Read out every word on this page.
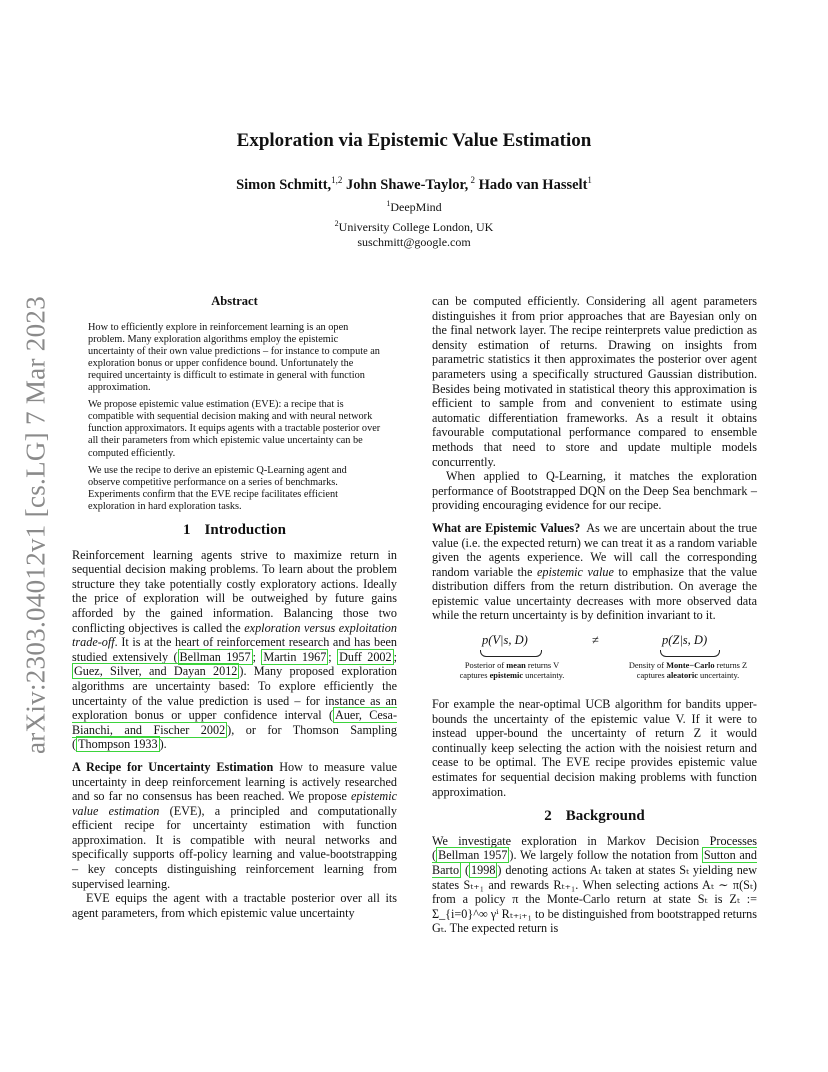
arXiv:2303.04012v1 [cs.LG] 7 Mar 2023
Exploration via Epistemic Value Estimation
Simon Schmitt,$^{1,2}$ John Shawe-Taylor, $^2$ Hado van Hasselt$^1$
$^1$DeepMind
$^2$University College London, UK
suschmitt@google.com
Abstract

How to efficiently explore in reinforcement learning is an open problem. Many exploration algorithms employ the epistemic uncertainty of their own value predictions – for instance to compute an exploration bonus or upper confidence bound. Unfortunately the required uncertainty is difficult to estimate in general with function approximation.

We propose epistemic value estimation (EVE): a recipe that is compatible with sequential decision making and with neural network function approximators. It equips agents with a tractable posterior over all their parameters from which epistemic value uncertainty can be computed efficiently.

We use the recipe to derive an epistemic Q-Learning agent and observe competitive performance on a series of benchmarks. Experiments confirm that the EVE recipe facilitates efficient exploration in hard exploration tasks.

1 Introduction

Reinforcement learning agents strive to maximize return in sequential decision making problems. To learn about the problem structure they take potentially costly exploratory actions. Ideally the price of exploration will be outweighed by future gains afforded by the gained information. Balancing those two conflicting objectives is called the exploration versus exploitation trade-off. It is at the heart of reinforcement research and has been studied extensively ( Bellman 1957 ; Martin 1967 ; Duff 2002 ; Guez, Silver, and Dayan 2012 ). Many proposed exploration algorithms are uncertainty based: To explore efficiently the uncertainty of the value prediction is used – for instance as an exploration bonus or upper confidence interval ( Auer, Cesa-Bianchi, and Fischer 2002 ), or for Thomson Sampling ( Thompson 1933 ).

A Recipe for Uncertainty Estimation How to measure value uncertainty in deep reinforcement learning is actively researched and so far no consensus has been reached. We propose epistemic value estimation (EVE), a principled and computationally efficient recipe for uncertainty estimation with function approximation. It is compatible with neural networks and specifically supports off-policy learning and value-bootstrapping – key concepts distinguishing reinforcement learning from supervised learning.

EVE equips the agent with a tractable posterior over all its agent parameters, from which epistemic value uncertainty

can be computed efficiently. Considering all agent parameters distinguishes it from prior approaches that are Bayesian only on the final network layer. The recipe reinterprets value prediction as density estimation of returns. Drawing on insights from parametric statistics it then approximates the posterior over agent parameters using a specifically structured Gaussian distribution. Besides being motivated in statistical theory this approximation is efficient to sample from and convenient to estimate using automatic differentiation frameworks. As a result it obtains favourable computational performance compared to ensemble methods that need to store and update multiple models concurrently.

When applied to Q-Learning, it matches the exploration performance of Bootstrapped DQN on the Deep Sea benchmark – providing encouraging evidence for our recipe.

What are Epistemic Values? As we are uncertain about the true value (i.e. the expected return) we can treat it as a random variable given the agents experience. We will call the corresponding random variable the epistemic value to emphasize that the value distribution differs from the return distribution. On average the epistemic value uncertainty decreases with more observed data while the return uncertainty is by definition invariant to it.

p(V|s, D)	≠	p(Z|s, D)
Posterior of mean returns V
captures epistemic uncertainty.
Density of Monte−Carlo returns Z
captures aleatoric uncertainty.

For example the near-optimal UCB algorithm for bandits upper-bounds the uncertainty of the epistemic value V. If it were to instead upper-bound the uncertainty of return Z it would continually keep selecting the action with the noisiest return and cease to be optimal. The EVE recipe provides epistemic value estimates for sequential decision making problems with function approximation.

2 Background

We investigate exploration in Markov Decision Processes ( Bellman 1957 ). We largely follow the notation from Sutton and Barto ( 1998 ) denoting actions Aₜ taken at states Sₜ yielding new states Sₜ₊₁ and rewards Rₜ₊₁. When selecting actions Aₜ ∼ π(Sₜ) from a policy π the Monte-Carlo return at state Sₜ is Zₜ := Σ_{i=0}^∞ γⁱ Rₜ₊ᵢ₊₁ to be distinguished from bootstrapped returns Gₜ. The expected return is
